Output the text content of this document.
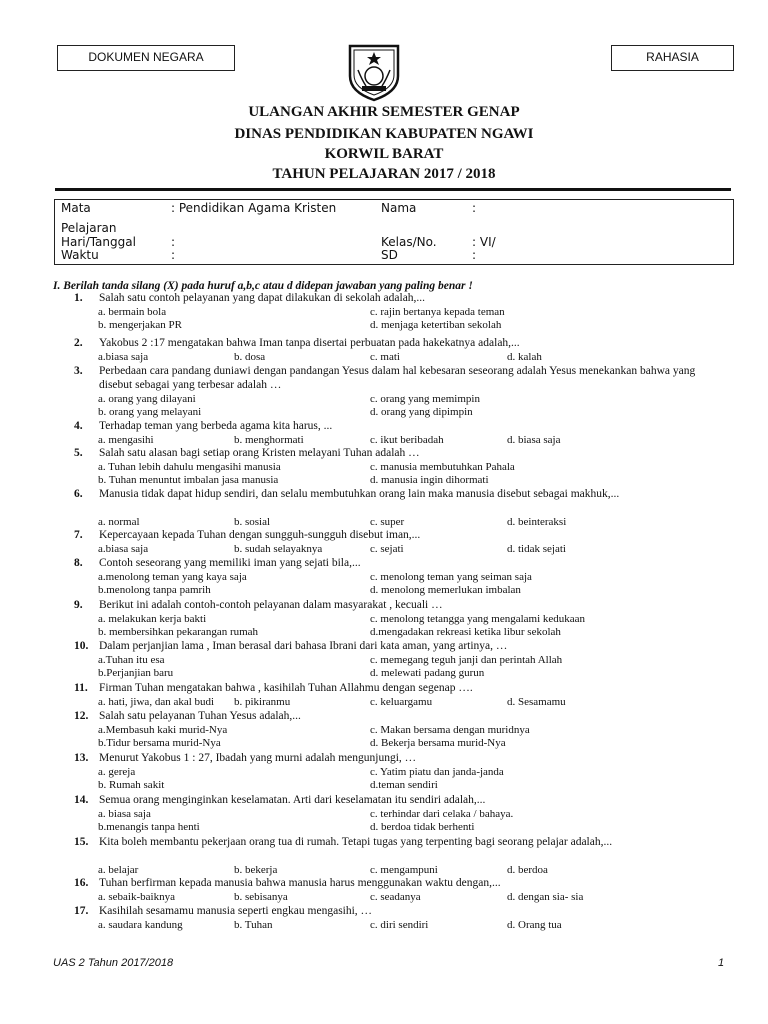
DOKUMEN NEGARA	RAHASIA
ULANGAN AKHIR SEMESTER GENAP
DINAS PENDIDIKAN KABUPATEN NGAWI
KORWIL BARAT
TAHUN PELAJARAN 2017 / 2018
Mata	: Pendidikan Agama Kristen	Nama	:
Pelajaran
Hari/Tanggal	:	Kelas/No.	: VI/
Waktu	:	SD	:
I. Berilah tanda silang (X) pada huruf a,b,c atau d didepan jawaban yang paling benar !
1. Salah satu contoh pelayanan yang dapat dilakukan di sekolah adalah,...
2. Yakobus 2 :17 mengatakan bahwa Iman tanpa disertai perbuatan pada hakekatnya adalah,...
3. Perbedaan cara pandang duniawi dengan pandangan Yesus dalam hal kebesaran seseorang adalah Yesus menekankan bahwa yang disebut sebagai yang terbesar adalah …
4. Terhadap teman yang berbeda agama kita harus, ...
5. Salah satu alasan bagi setiap orang Kristen melayani Tuhan adalah …
6. Manusia tidak dapat hidup sendiri, dan selalu membutuhkan orang lain maka manusia disebut sebagai makhuk,...
7. Kepercayaan kepada Tuhan dengan sungguh-sungguh disebut iman,...
8. Contoh seseorang yang memiliki iman yang sejati bila,...
9. Berikut ini adalah contoh-contoh pelayanan dalam masyarakat , kecuali …
10. Dalam perjanjian lama , Iman berasal dari bahasa Ibrani dari kata aman, yang artinya, …
11. Firman Tuhan mengatakan bahwa , kasihilah Tuhan Allahmu dengan segenap ….
12. Salah satu pelayanan Tuhan Yesus adalah,...
13. Menurut Yakobus 1 : 27, Ibadah yang murni adalah mengunjungi, …
14. Semua orang menginginkan keselamatan. Arti dari keselamatan itu sendiri adalah,...
15. Kita boleh membantu pekerjaan orang tua di rumah. Tetapi tugas yang terpenting bagi seorang pelajar adalah,...
16. Tuhan berfirman kepada manusia bahwa manusia harus menggunakan waktu dengan,...
17. Kasihilah sesamamu manusia seperti engkau mengasihi, …
UAS 2 Tahun 2017/2018	1
a. bermain bola
b. mengerjakan PR
c. rajin bertanya kepada teman
d. menjaga ketertiban sekolah
a.biasa saja	b. dosa	c. mati	d. kalah
a. orang yang dilayani
b. orang yang melayani
c. orang yang memimpin
d. orang yang dipimpin
a. mengasihi	b. menghormati	c. ikut beribadah	d. biasa saja
a. Tuhan lebih dahulu mengasihi manusia
b. Tuhan menuntut imbalan jasa manusia
c. manusia membutuhkan Pahala
d. manusia ingin dihormati
a. normal	b. sosial	c. super	d. beinteraksi
a.biasa saja	b. sudah selayaknya	c. sejati	d. tidak sejati
a.menolong teman yang kaya saja
b.menolong tanpa pamrih
c. menolong teman yang seiman saja
d. menolong memerlukan imbalan
a. melakukan kerja bakti
b. membersihkan pekarangan rumah
c. menolong tetangga yang mengalami kedukaan
d.mengadakan rekreasi ketika libur sekolah
a.Tuhan itu esa
b.Perjanjian baru
c. memegang teguh janji dan perintah Allah
d. melewati padang gurun
a. hati, jiwa, dan akal budi b. pikiranmu	c. keluargamu	d. Sesamamu
a.Membasuh kaki murid-Nya
b.Tidur bersama murid-Nya
c. Makan bersama dengan muridnya
d. Bekerja bersama murid-Nya
a. gereja
b. Rumah sakit
c. Yatim piatu dan janda-janda
d.teman sendiri
a. biasa saja
b.menangis tanpa henti
c. terhindar dari celaka / bahaya.
d. berdoa tidak berhenti
a. belajar	b. bekerja	c. mengampuni	d. berdoa
a. sebaik-baiknya	b. sebisanya	c. seadanya	d. dengan sia- sia
a. saudara kandung	b. Tuhan	c. diri sendiri	d. Orang tua
